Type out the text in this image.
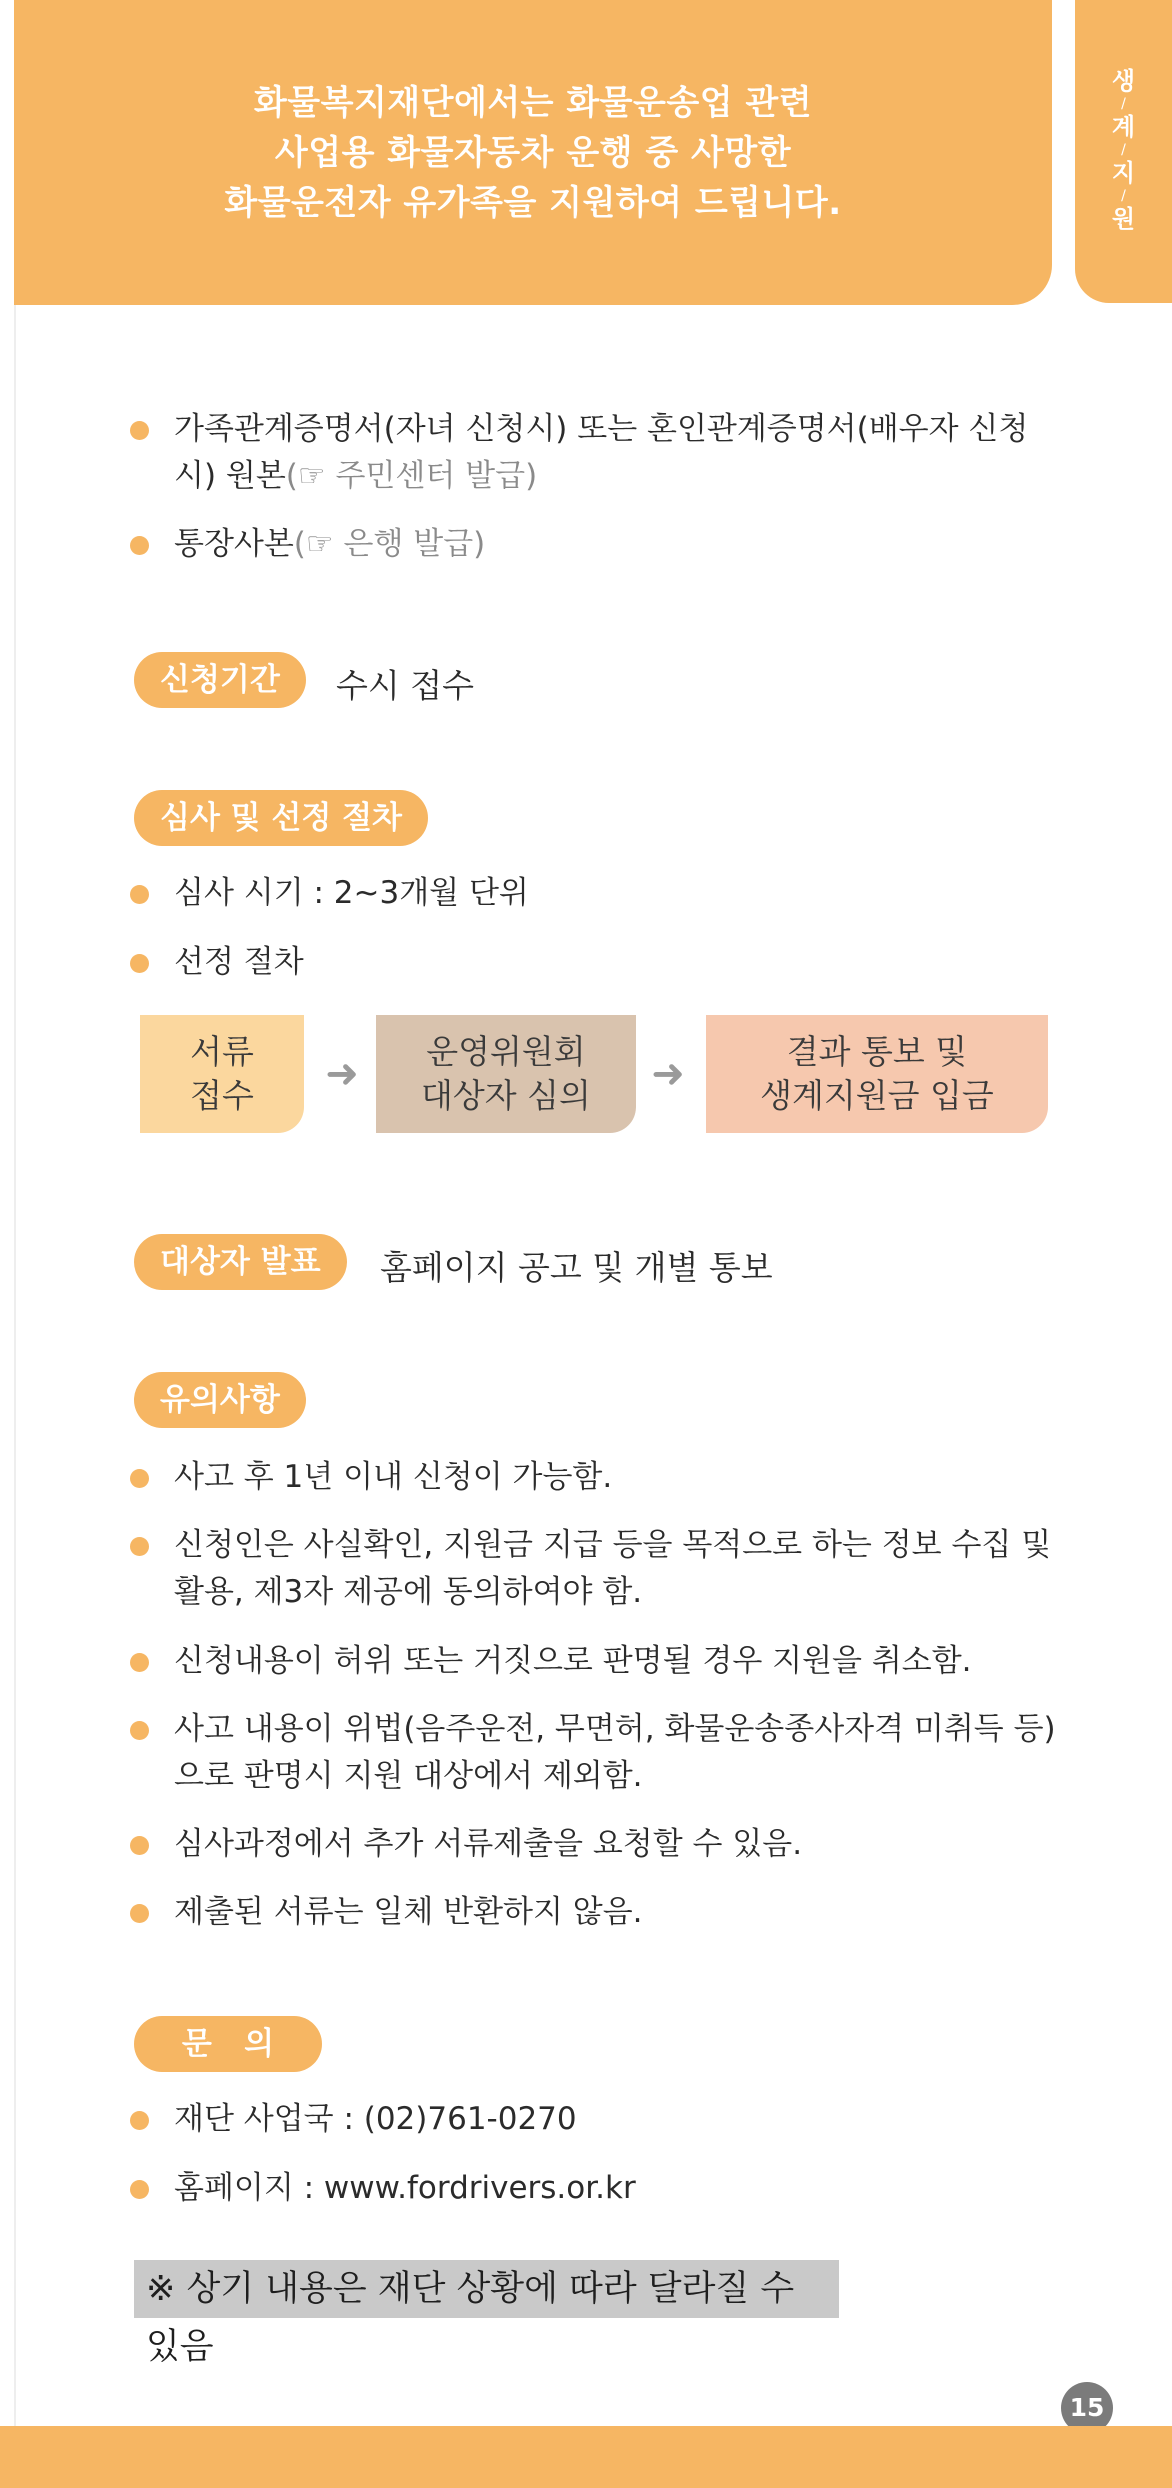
화물복지재단에서는 화물운송업 관련
사업용 화물자동차 운행 중 사망한
화물운전자 유가족을 지원하여 드립니다.
생
/
계
/
지
/
원
가족관계증명서(자녀 신청시) 또는 혼인관계증명서(배우자 신청
시) 원본(☞ 주민센터 발급)
통장사본(☞ 은행 발급)
신청기간	수시 접수
심사 및 선정 절차
심사 시기 : 2~3개월 단위
선정 절차
서류
접수 ➜ 운영위원회
대상자 심의 ➜	결과 통보 및
생계지원금 입금
대상자 발표	홈페이지 공고 및 개별 통보
유의사항
사고 후 1년 이내 신청이 가능함.
신청인은 사실확인, 지원금 지급 등을 목적으로 하는 정보 수집 및
활용, 제3자 제공에 동의하여야 함.
신청내용이 허위 또는 거짓으로 판명될 경우 지원을 취소함.
사고 내용이 위법(음주운전, 무면허, 화물운송종사자격 미취득 등)
으로 판명시 지원 대상에서 제외함.
심사과정에서 추가 서류제출을 요청할 수 있음.
제출된 서류는 일체 반환하지 않음.
문   의
재단 사업국 : (02)761-0270
홈페이지 : www.fordrivers.or.kr
※ 상기 내용은 재단 상황에 따라 달라질 수 있음
15
